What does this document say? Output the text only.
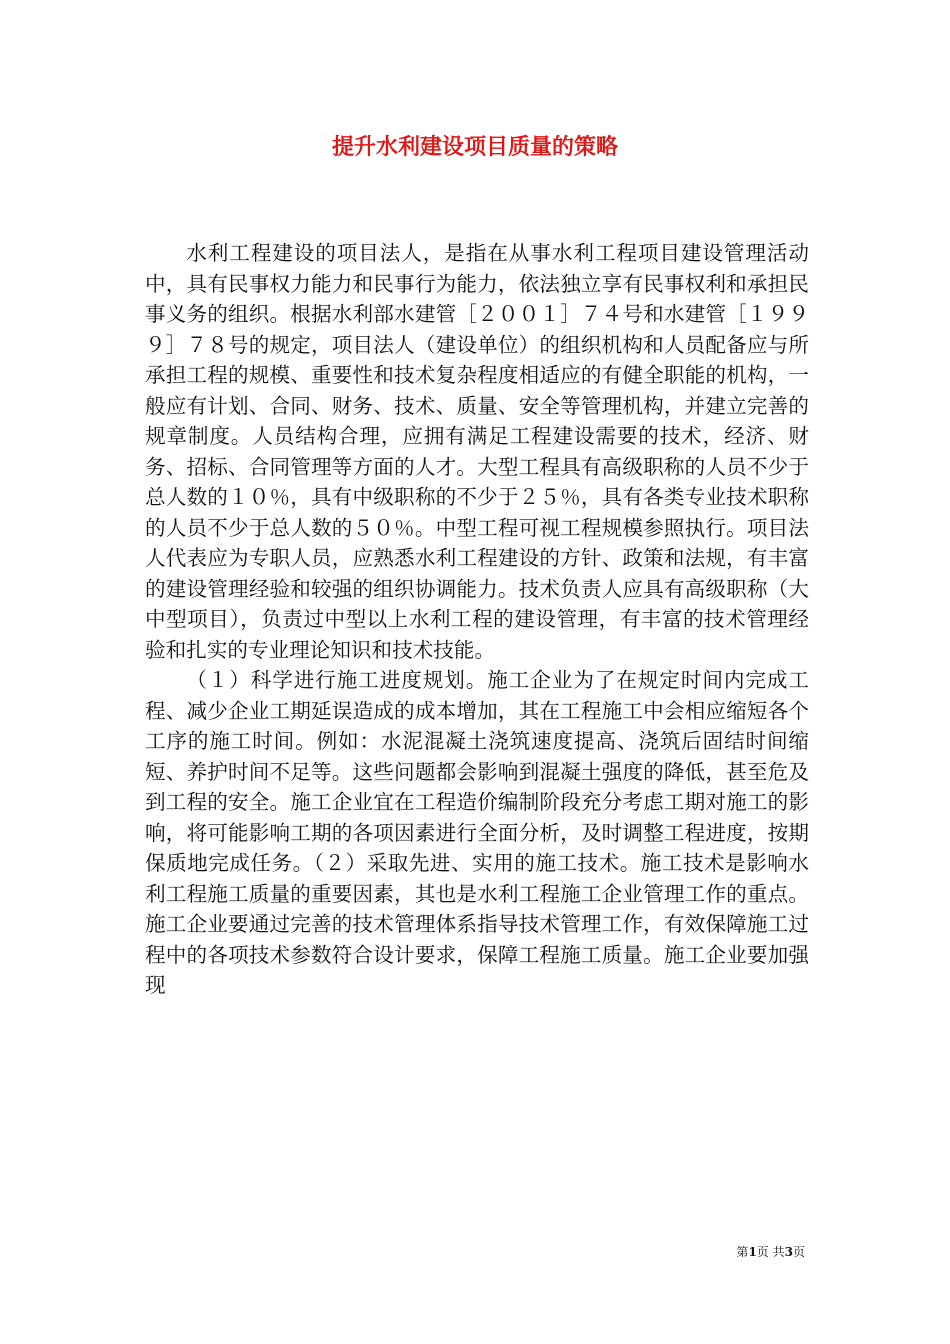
提升水利建设项目质量的策略

水利工程建设的项目法人，是指在从事水利工程项目建设管理活动中，具有民事权力能力和民事行为能力，依法独立享有民事权利和承担民事义务的组织。根据水利部水建管［２００１］７４号和水建管［１９９９］７８号的规定，项目法人（建设单位）的组织机构和人员配备应与所承担工程的规模、重要性和技术复杂程度相适应的有健全职能的机构，一般应有计划、合同、财务、技术、质量、安全等管理机构，并建立完善的规章制度。人员结构合理，应拥有满足工程建设需要的技术，经济、财务、招标、合同管理等方面的人才。大型工程具有高级职称的人员不少于总人数的１０％，具有中级职称的不少于２５％，具有各类专业技术职称的人员不少于总人数的５０％。中型工程可视工程规模参照执行。项目法人代表应为专职人员，应熟悉水利工程建设的方针、政策和法规，有丰富的建设管理经验和较强的组织协调能力。技术负责人应具有高级职称（大中型项目），负责过中型以上水利工程的建设管理，有丰富的技术管理经验和扎实的专业理论知识和技术技能。

（１）科学进行施工进度规划。施工企业为了在规定时间内完成工程、减少企业工期延误造成的成本增加，其在工程施工中会相应缩短各个工序的施工时间。例如：水泥混凝土浇筑速度提高、浇筑后固结时间缩短、养护时间不足等。这些问题都会影响到混凝土强度的降低，甚至危及到工程的安全。施工企业宜在工程造价编制阶段充分考虑工期对施工的影响，将可能影响工期的各项因素进行全面分析，及时调整工程进度，按期保质地完成任务。（２）采取先进、实用的施工技术。施工技术是影响水利工程施工质量的重要因素，其也是水利工程施工企业管理工作的重点。施工企业要通过完善的技术管理体系指导技术管理工作，有效保障施工过程中的各项技术参数符合设计要求，保障工程施工质量。施工企业要加强现

第1页 共3页
